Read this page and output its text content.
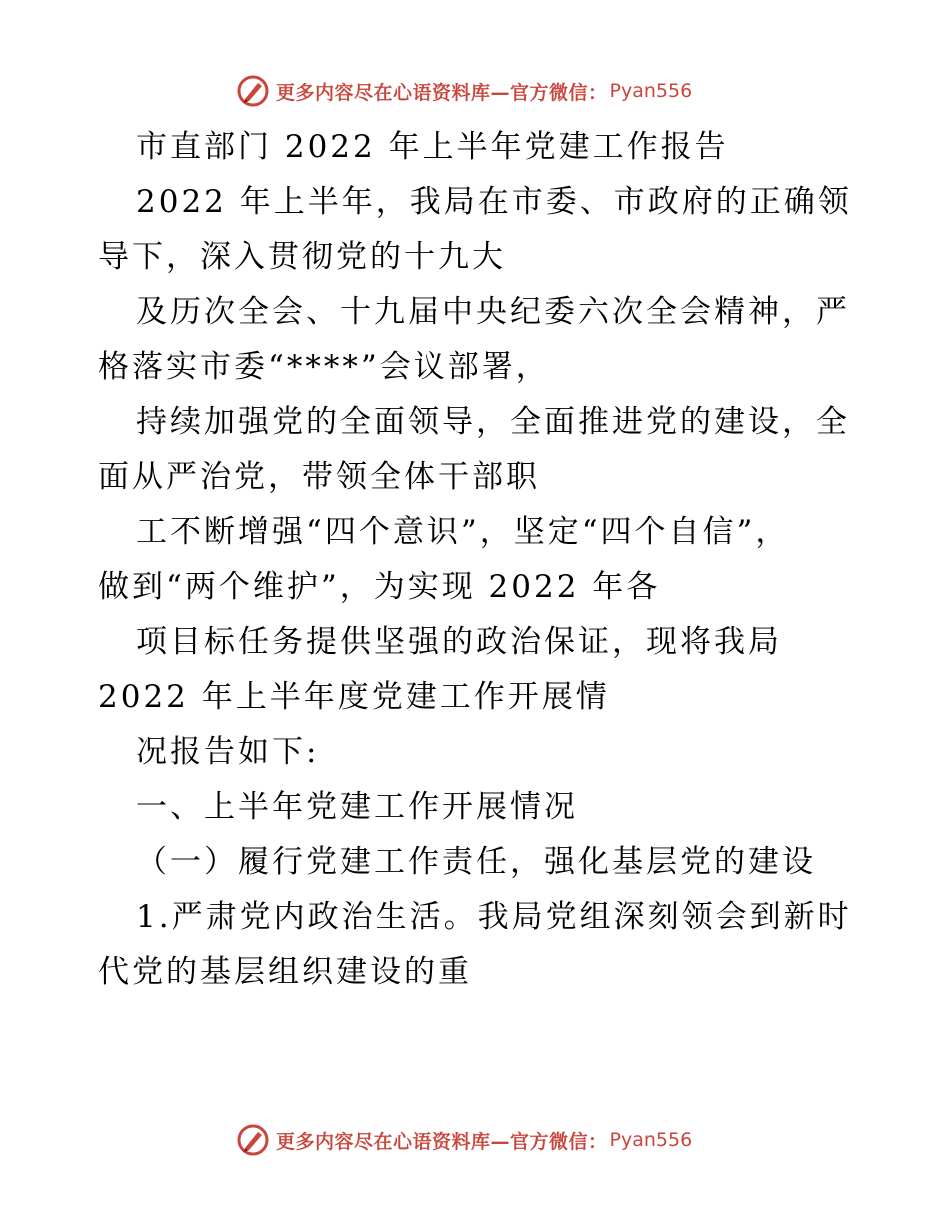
更多内容尽在心语资料库—官方微信： Pyan556
市直部门 2022 年上半年党建工作报告
2022 年上半年，我局在市委、市政府的正确领
导下，深入贯彻党的十九大
及历次全会、十九届中央纪委六次全会精神，严
格落实市委“****”会议部署，
持续加强党的全面领导，全面推进党的建设，全
面从严治党，带领全体干部职
工不断增强“四个意识”，坚定“四个自信”，
做到“两个维护”，为实现 2022 年各
项目标任务提供坚强的政治保证，现将我局
2022 年上半年度党建工作开展情
况报告如下:
一、上半年党建工作开展情况
（一）履行党建工作责任，强化基层党的建设
1.严肃党内政治生活。我局党组深刻领会到新时
代党的基层组织建设的重
更多内容尽在心语资料库—官方微信： Pyan556
